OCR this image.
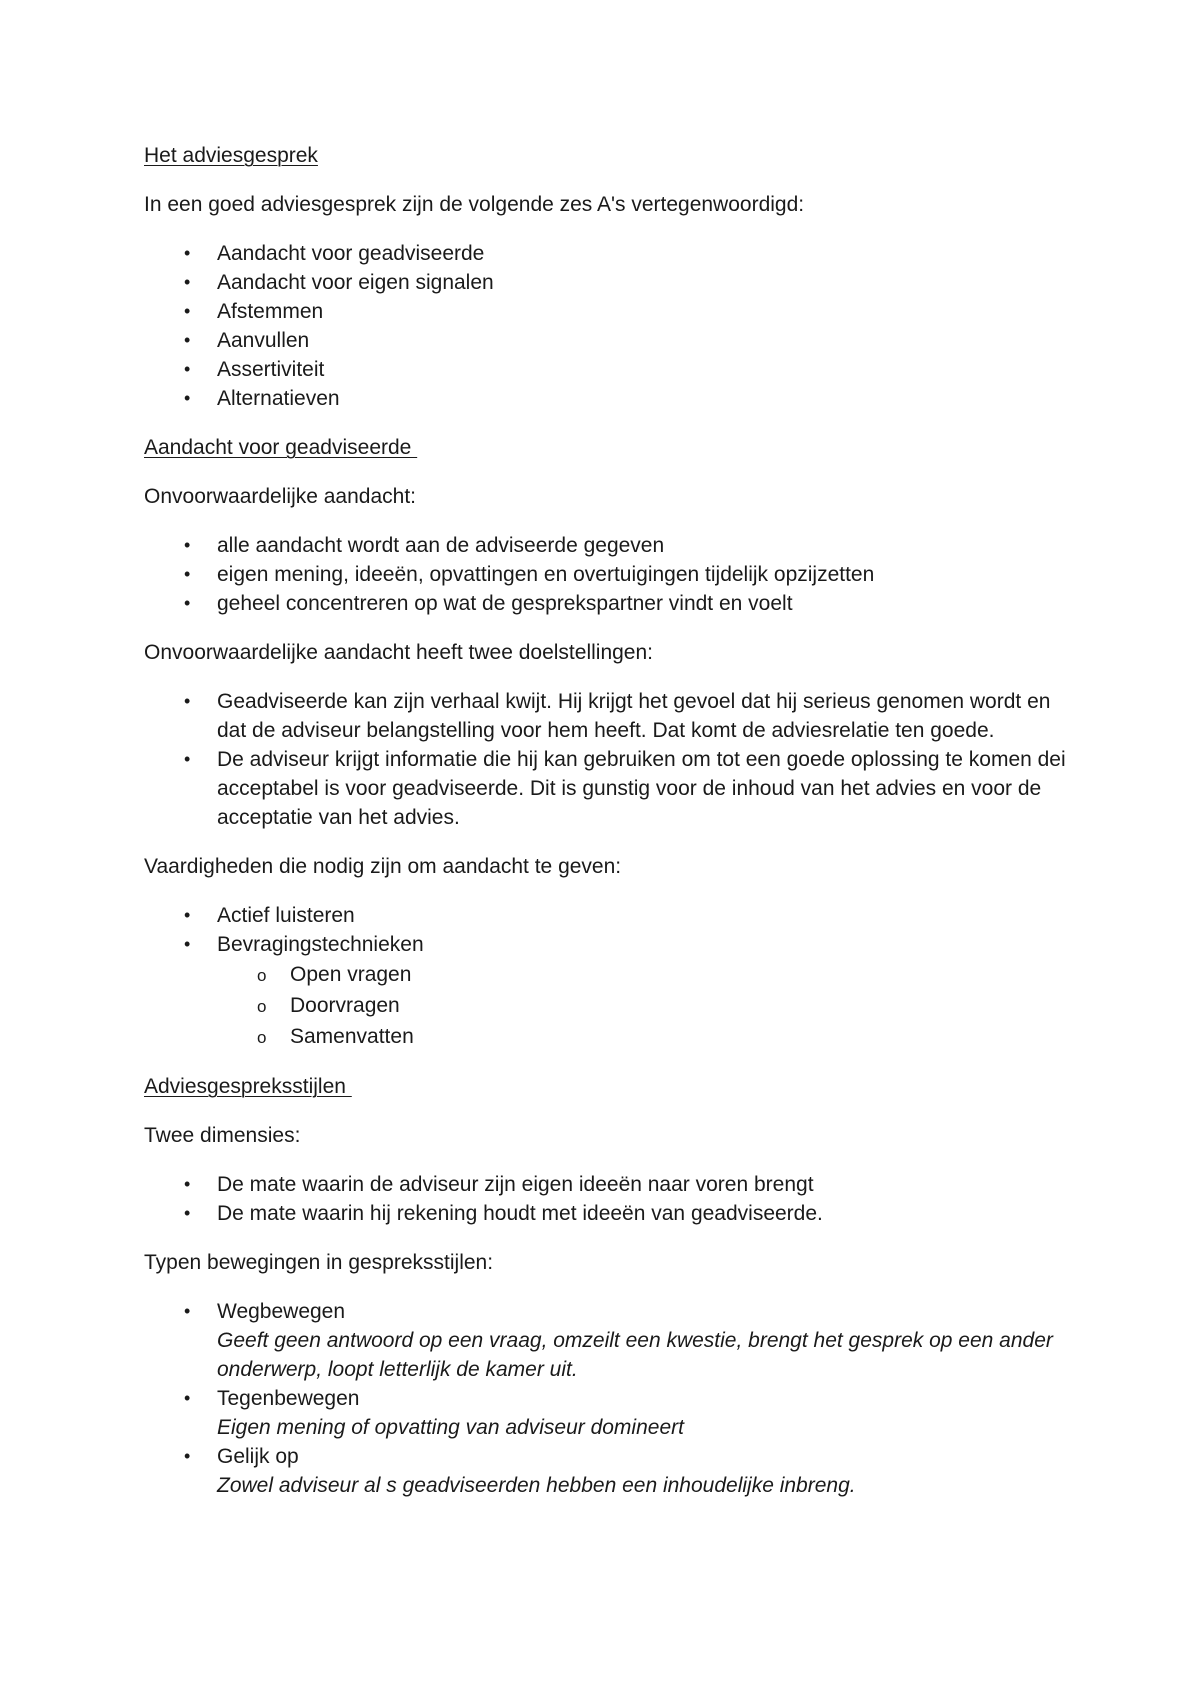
Het adviesgesprek

In een goed adviesgesprek zijn de volgende zes A's vertegenwoordigd:

• Aandacht voor geadviseerde
• Aandacht voor eigen signalen
• Afstemmen
• Aanvullen
• Assertiviteit
• Alternatieven

Aandacht voor geadviseerde

Onvoorwaardelijke aandacht:

• alle aandacht wordt aan de adviseerde gegeven
• eigen mening, ideeën, opvattingen en overtuigingen tijdelijk opzijzetten
• geheel concentreren op wat de gesprekspartner vindt en voelt

Onvoorwaardelijke aandacht heeft twee doelstellingen:

• Geadviseerde kan zijn verhaal kwijt. Hij krijgt het gevoel dat hij serieus genomen wordt en dat de adviseur belangstelling voor hem heeft. Dat komt de adviesrelatie ten goede.
• De adviseur krijgt informatie die hij kan gebruiken om tot een goede oplossing te komen dei acceptabel is voor geadviseerde. Dit is gunstig voor de inhoud van het advies en voor de acceptatie van het advies.

Vaardigheden die nodig zijn om aandacht te geven:

• Actief luisteren
• Bevragingstechnieken
o Open vragen
o Doorvragen
o Samenvatten

Adviesgespreksstijlen

Twee dimensies:

• De mate waarin de adviseur zijn eigen ideeën naar voren brengt
• De mate waarin hij rekening houdt met ideeën van geadviseerde.

Typen bewegingen in gespreksstijlen:

• Wegbewegen
Geeft geen antwoord op een vraag, omzeilt een kwestie, brengt het gesprek op een ander onderwerp, loopt letterlijk de kamer uit.
• Tegenbewegen
Eigen mening of opvatting van adviseur domineert
• Gelijk op
Zowel adviseur al s geadviseerden hebben een inhoudelijke inbreng.
